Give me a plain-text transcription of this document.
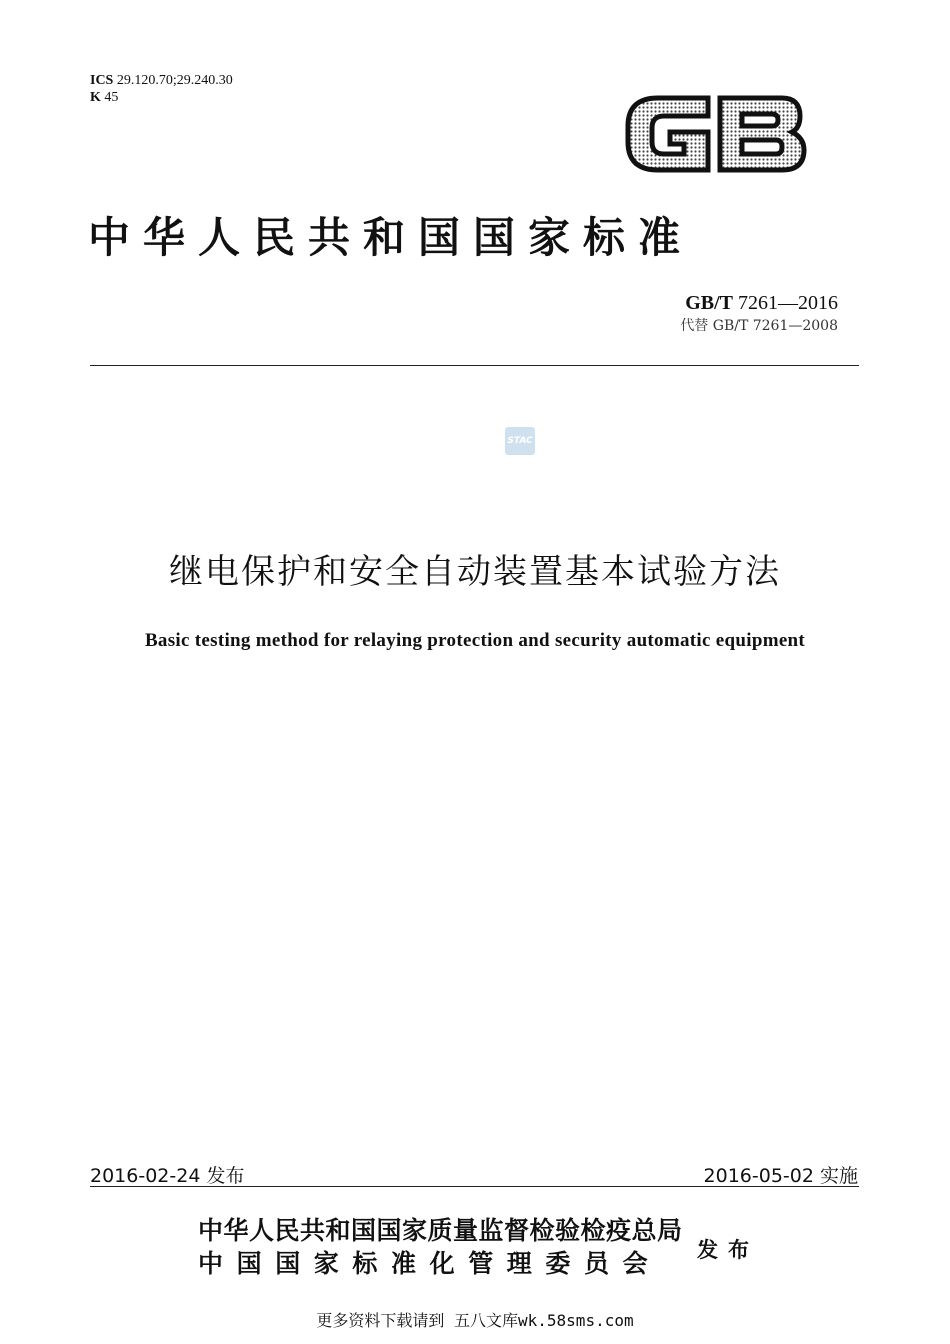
ICS 29.120.70;29.240.30
K 45
中华人民共和国国家标准
GB/T 7261—2016
代替 GB/T 7261—2008
STAC
继电保护和安全自动装置基本试验方法
Basic testing method for relaying protection and security automatic equipment
2016-02-24 发布	2016-05-02 实施
中华人民共和国国家质量监督检验检疫总局
中国国家标准化管理委员会 发布
更多资料下载请到 五八文库wk.58sms.com
